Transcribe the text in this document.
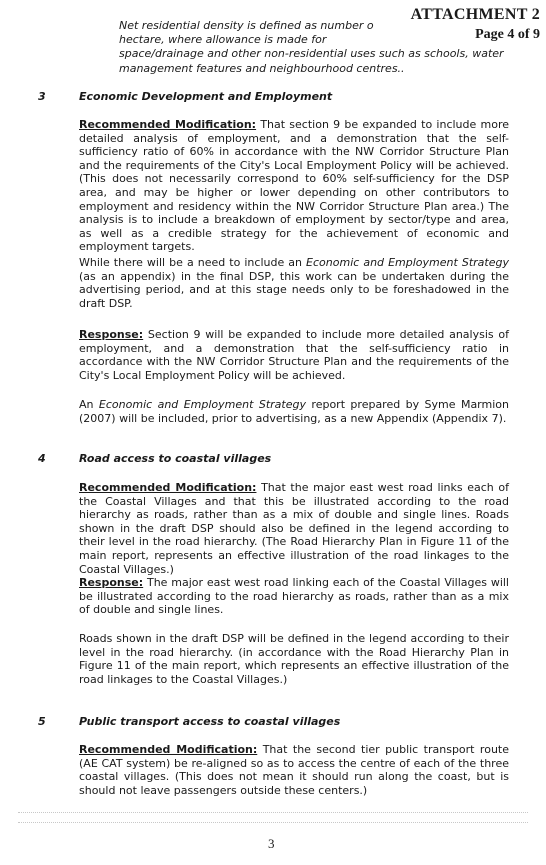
ATTACHMENT 2
Page 4 of 9
Net residential density is defined as number o
hectare, where allowance is made for
space/drainage and other non-residential uses such as schools, water
management features and neighbourhood centres..
3	Economic Development and Employment
Recommended Modification: That section 9 be expanded to include more detailed analysis of employment, and a demonstration that the self-sufficiency ratio of 60% in accordance with the NW Corridor Structure Plan and the requirements of the City's Local Employment Policy will be achieved. (This does not necessarily correspond to 60% self-sufficiency for the DSP area, and may be higher or lower depending on other contributors to employment and residency within the NW Corridor Structure Plan area.) The analysis is to include a breakdown of employment by sector/type and area, as well as a credible strategy for the achievement of economic and employment targets.
While there will be a need to include an Economic and Employment Strategy (as an appendix) in the final DSP, this work can be undertaken during the advertising period, and at this stage needs only to be foreshadowed in the draft DSP.
Response: Section 9 will be expanded to include more detailed analysis of employment, and a demonstration that the self-sufficiency ratio in accordance with the NW Corridor Structure Plan and the requirements of the City's Local Employment Policy will be achieved.
An Economic and Employment Strategy report prepared by Syme Marmion (2007) will be included, prior to advertising, as a new Appendix (Appendix 7).
4	Road access to coastal villages
Recommended Modification: That the major east west road links each of the Coastal Villages and that this be illustrated according to the road hierarchy as roads, rather than as a mix of double and single lines. Roads shown in the draft DSP should also be defined in the legend according to their level in the road hierarchy. (The Road Hierarchy Plan in Figure 11 of the main report, represents an effective illustration of the road linkages to the Coastal Villages.)
Response: The major east west road linking each of the Coastal Villages will be illustrated according to the road hierarchy as roads, rather than as a mix of double and single lines.
Roads shown in the draft DSP will be defined in the legend according to their level in the road hierarchy. (in accordance with the Road Hierarchy Plan in Figure 11 of the main report, which represents an effective illustration of the road linkages to the Coastal Villages.)
5	Public transport access to coastal villages
Recommended Modification: That the second tier public transport route (AE CAT system) be re-aligned so as to access the centre of each of the three coastal villages. (This does not mean it should run along the coast, but is should not leave passengers outside these centers.)
3
